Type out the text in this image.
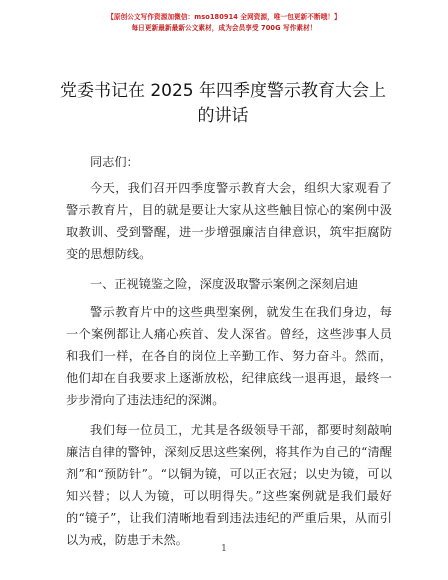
【原创公文写作资源加微信：mso180914 全网资源，唯一包更新不断哦！】
每日更新最新最新公文素材，成为会员享受 700G 写作素材！
党委书记在 2025 年四季度警示教育大会上的讲话

同志们：

今天，我们召开四季度警示教育大会，组织大家观看了警示教育片，目的就是要让大家从这些触目惊心的案例中汲取教训、受到警醒，进一步增强廉洁自律意识，筑牢拒腐防变的思想防线。

一、正视镜鉴之险，深度汲取警示案例之深刻启迪

警示教育片中的这些典型案例，就发生在我们身边，每一个案例都让人痛心疾首、发人深省。曾经，这些涉事人员和我们一样，在各自的岗位上辛勤工作、努力奋斗。然而，他们却在自我要求上逐渐放松，纪律底线一退再退，最终一步步滑向了违法违纪的深渊。

我们每一位员工，尤其是各级领导干部，都要时刻敲响廉洁自律的警钟，深刻反思这些案例，将其作为自己的“清醒剂”和“预防针”。“以铜为镜，可以正衣冠；以史为镜，可以知兴替；以人为镜，可以明得失。”这些案例就是我们最好的“镜子”，让我们清晰地看到违法违纪的严重后果，从而引以为戒，防患于未然。

1
